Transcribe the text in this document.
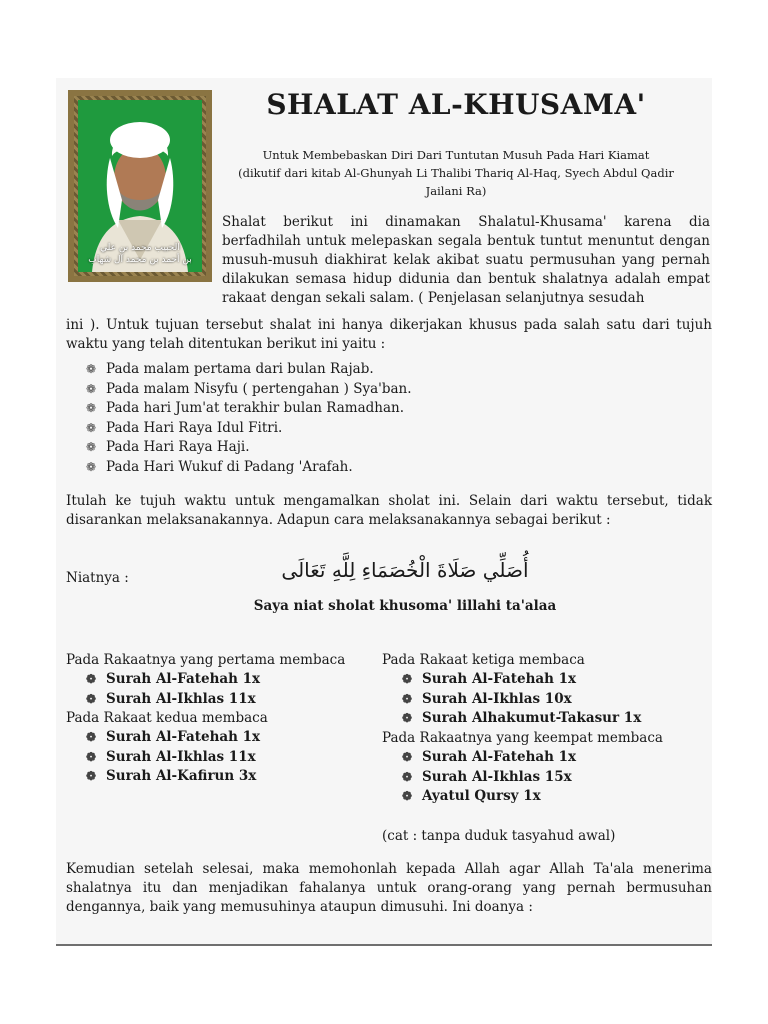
الحبيب محمد بن علي
بن أحمد بن محمد آل شهاب
SHALAT AL-KHUSAMA'
Untuk Membebaskan Diri Dari Tuntutan Musuh Pada Hari Kiamat
(dikutif dari kitab Al-Ghunyah Li Thalibi Thariq Al-Haq, Syech Abdul Qadir Jailani Ra)
Shalat berikut ini dinamakan Shalatul-Khusama' karena dia berfadhilah untuk melepaskan segala bentuk tuntut menuntut dengan musuh-musuh diakhirat kelak akibat suatu permusuhan yang pernah dilakukan semasa hidup didunia dan bentuk shalatnya adalah empat rakaat dengan sekali salam. ( Penjelasan selanjutnya sesudah
ini ). Untuk tujuan tersebut shalat ini hanya dikerjakan khusus pada salah satu dari tujuh waktu yang telah ditentukan berikut ini yaitu :
❁ Pada malam pertama dari bulan Rajab.
❁ Pada malam Nisyfu ( pertengahan ) Sya'ban.
❁ Pada hari Jum'at terakhir bulan Ramadhan.
❁ Pada Hari Raya Idul Fitri.
❁ Pada Hari Raya Haji.
❁ Pada Hari Wukuf di Padang 'Arafah.
Itulah ke tujuh waktu untuk mengamalkan sholat ini. Selain dari waktu tersebut, tidak disarankan melaksanakannya. Adapun cara melaksanakannya sebagai berikut :
Niatnya :	أُصَلِّي صَلَاةَ الْخُصَمَاءِ لِلَّهِ تَعَالَى
Saya niat sholat khusoma' lillahi ta'alaa
Pada Rakaatnya yang pertama membaca
❁ Surah Al-Fatehah 1x
❁ Surah Al-Ikhlas 11x
Pada Rakaat kedua membaca
❁ Surah Al-Fatehah 1x
❁ Surah Al-Ikhlas 11x
❁ Surah Al-Kafirun 3x
Pada Rakaat ketiga membaca
❁ Surah Al-Fatehah 1x
❁ Surah Al-Ikhlas 10x
❁ Surah Alhakumut-Takasur 1x
Pada Rakaatnya yang keempat membaca
❁ Surah Al-Fatehah 1x
❁ Surah Al-Ikhlas 15x
❁ Ayatul Qursy 1x
(cat : tanpa duduk tasyahud awal)
Kemudian setelah selesai, maka memohonlah kepada Allah agar Allah Ta'ala menerima shalatnya itu dan menjadikan fahalanya untuk orang-orang yang pernah bermusuhan dengannya, baik yang memusuhinya ataupun dimusuhi. Ini doanya :
